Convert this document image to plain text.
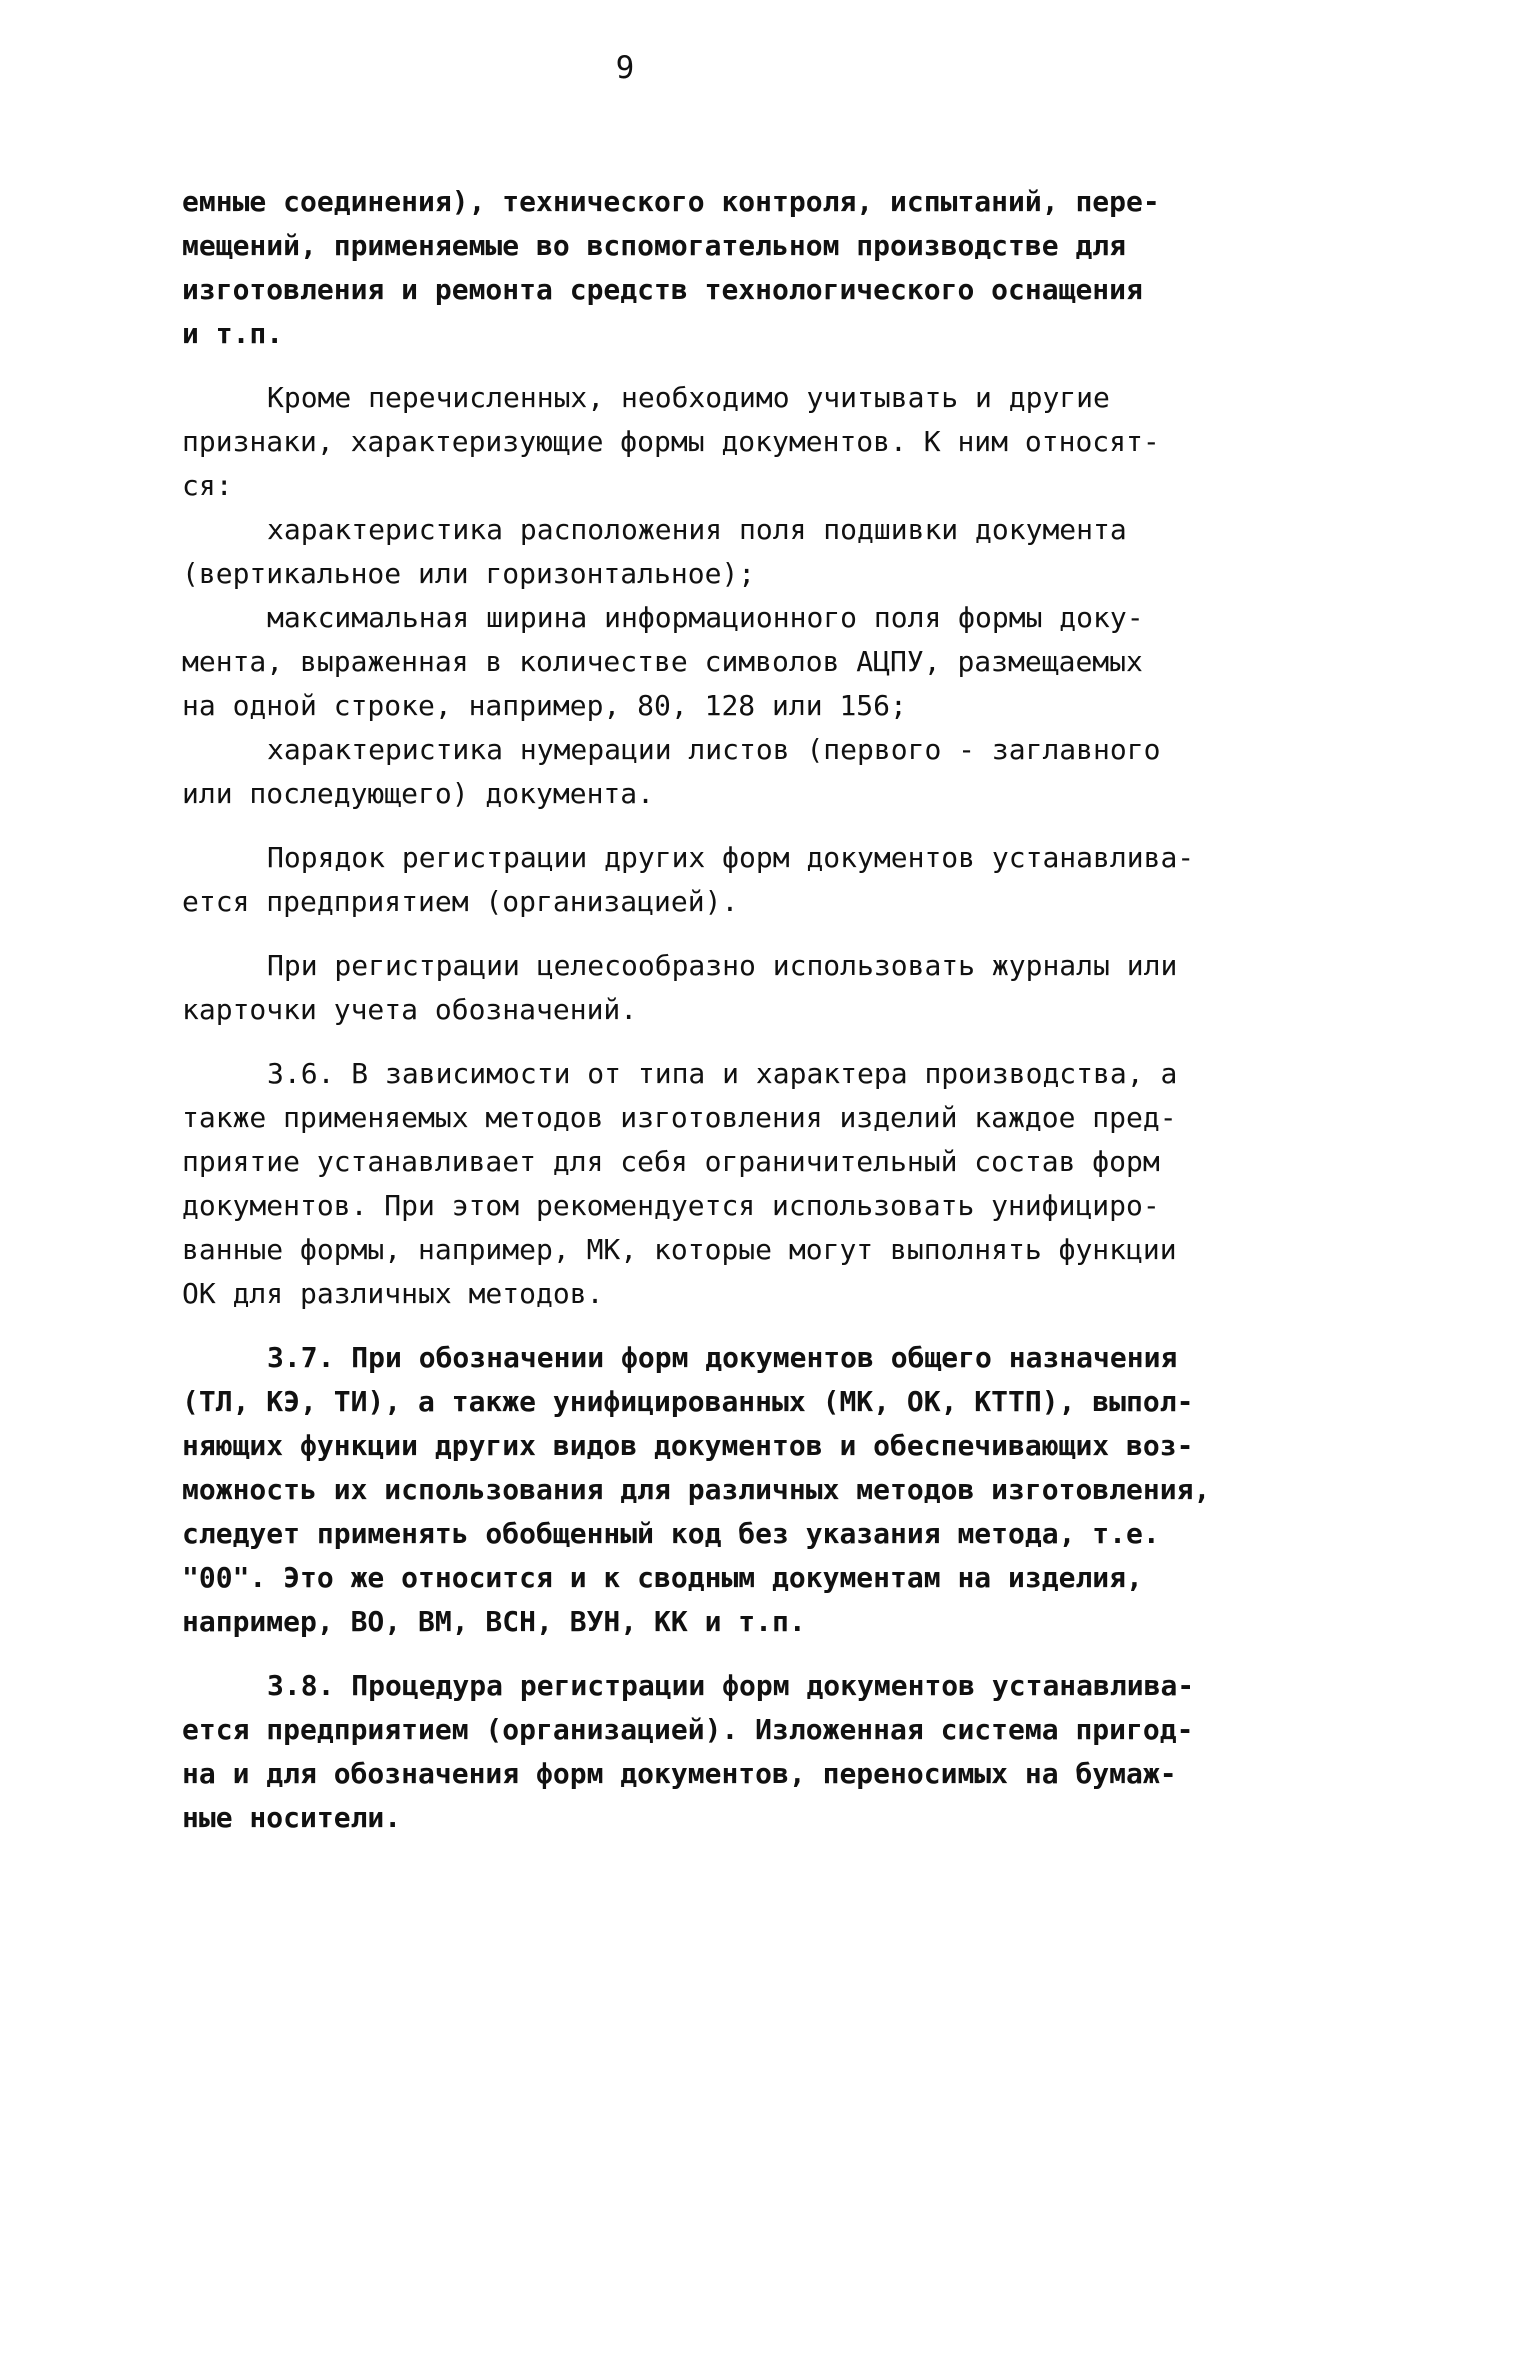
9
емные соединения), технического контроля, испытаний, пере-
мещений, применяемые во вспомогательном производстве для
изготовления и ремонта средств технологического оснащения
и т.п.
Кроме перечисленных, необходимо учитывать и другие
признаки, характеризующие формы документов. К ним относят-
ся:
характеристика расположения поля подшивки документа
(вертикальное или горизонтальное);
максимальная ширина информационного поля формы доку-
мента, выраженная в количестве символов АЦПУ, размещаемых
на одной строке, например, 80, 128 или 156;
характеристика нумерации листов (первого - заглавного
или последующего) документа.
Порядок регистрации других форм документов устанавлива-
ется предприятием (организацией).
При регистрации целесообразно использовать журналы или
карточки учета обозначений.
3.6. В зависимости от типа и характера производства, а
также применяемых методов изготовления изделий каждое пред-
приятие устанавливает для себя ограничительный состав форм
документов. При этом рекомендуется использовать унифициро-
ванные формы, например, МК, которые могут выполнять функции
ОК для различных методов.
3.7. При обозначении форм документов общего назначения
(ТЛ, КЭ, ТИ), а также унифицированных (МК, ОК, КТТП), выпол-
няющих функции других видов документов и обеспечивающих воз-
можность их использования для различных методов изготовления,
следует применять обобщенный код без указания метода, т.е.
"00". Это же относится и к сводным документам на изделия,
например, ВО, ВМ, ВСН, ВУН, КК и т.п.
3.8. Процедура регистрации форм документов устанавлива-
ется предприятием (организацией). Изложенная система пригод-
на и для обозначения форм документов, переносимых на бумаж-
ные носители.
